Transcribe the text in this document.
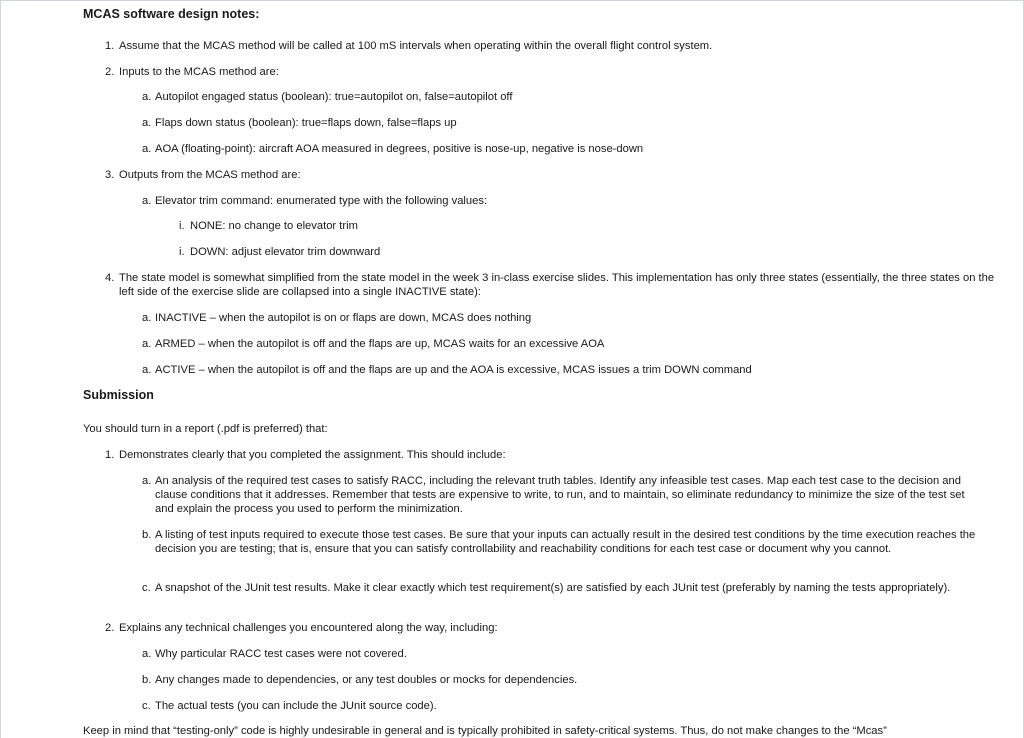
MCAS software design notes:
1. Assume that the MCAS method will be called at 100 mS intervals when operating within the overall flight control system.
2. Inputs to the MCAS method are:
a. Autopilot engaged status (boolean): true=autopilot on, false=autopilot off
a. Flaps down status (boolean): true=flaps down, false=flaps up
a. AOA (floating-point): aircraft AOA measured in degrees, positive is nose-up, negative is nose-down
3. Outputs from the MCAS method are:
a. Elevator trim command: enumerated type with the following values:
i. NONE: no change to elevator trim
i. DOWN: adjust elevator trim downward
4. The state model is somewhat simplified from the state model in the week 3 in-class exercise slides. This implementation has only three states (essentially, the three states on the left side of the exercise slide are collapsed into a single INACTIVE state):
a. INACTIVE – when the autopilot is on or flaps are down, MCAS does nothing
a. ARMED – when the autopilot is off and the flaps are up, MCAS waits for an excessive AOA
a. ACTIVE – when the autopilot is off and the flaps are up and the AOA is excessive, MCAS issues a trim DOWN command
Submission
You should turn in a report (.pdf is preferred) that:
1. Demonstrates clearly that you completed the assignment. This should include:
a. An analysis of the required test cases to satisfy RACC, including the relevant truth tables. Identify any infeasible test cases. Map each test case to the decision and clause conditions that it addresses. Remember that tests are expensive to write, to run, and to maintain, so eliminate redundancy to minimize the size of the test set and explain the process you used to perform the minimization.
b. A listing of test inputs required to execute those test cases. Be sure that your inputs can actually result in the desired test conditions by the time execution reaches the decision you are testing; that is, ensure that you can satisfy controllability and reachability conditions for each test case or document why you cannot.
c. A snapshot of the JUnit test results. Make it clear exactly which test requirement(s) are satisfied by each JUnit test (preferably by naming the tests appropriately).
2. Explains any technical challenges you encountered along the way, including:
a. Why particular RACC test cases were not covered.
b. Any changes made to dependencies, or any test doubles or mocks for dependencies.
c. The actual tests (you can include the JUnit source code).
Keep in mind that “testing-only” code is highly undesirable in general and is typically prohibited in safety-critical systems. Thus, do not make changes to the “Mcas”
